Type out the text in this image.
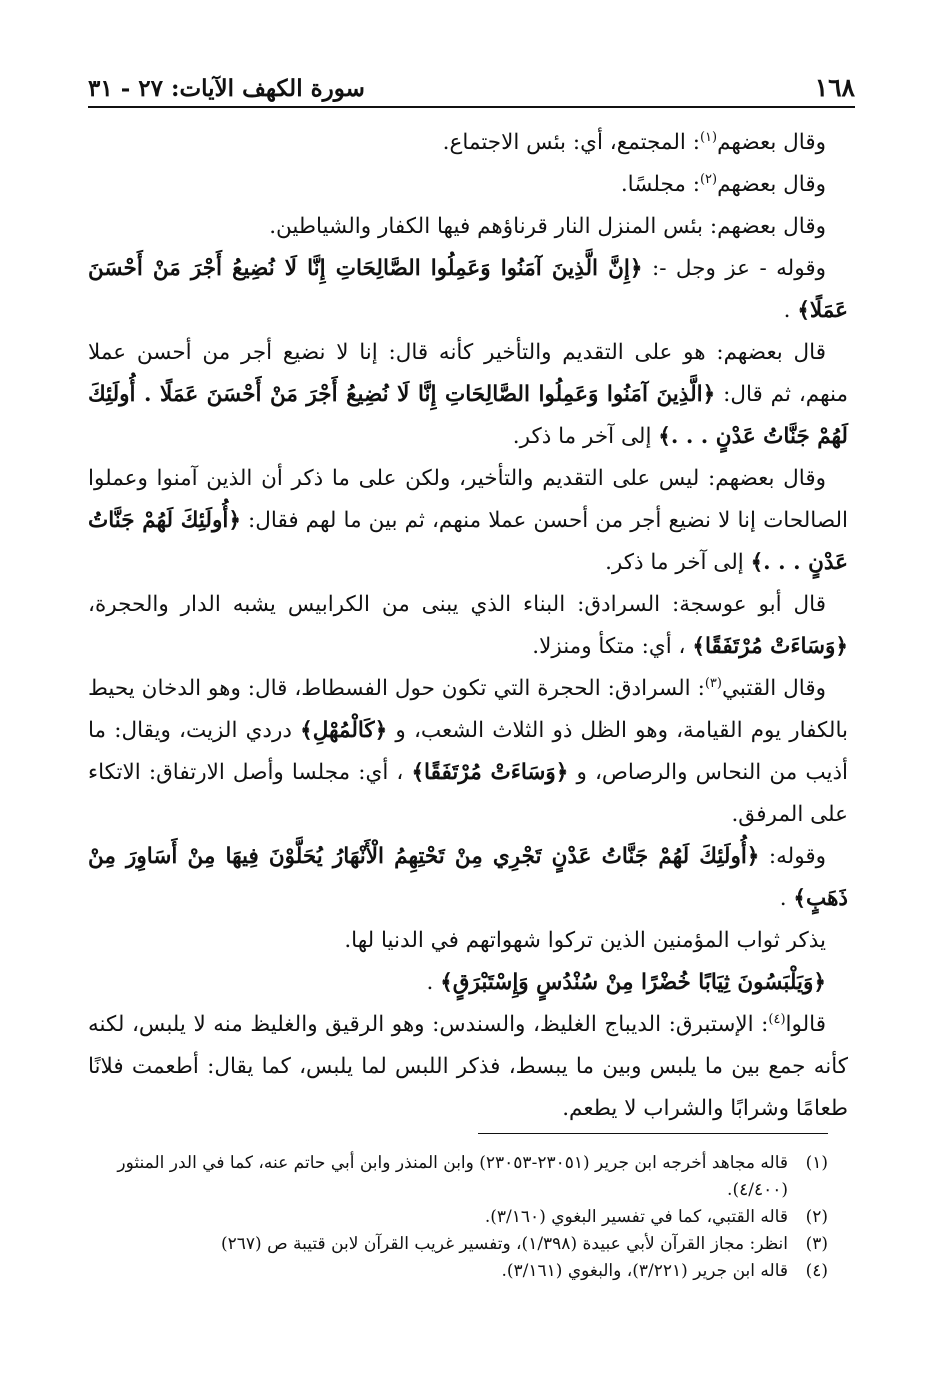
١٦٨
سورة الكهف الآيات: ٢٧ - ٣١

وقال بعضهم$^{(١)}$: المجتمع، أي: بئس الاجتماع.

وقال بعضهم$^{(٢)}$: مجلسًا.

وقال بعضهم: بئس المنزل النار قرناؤهم فيها الكفار والشياطين.

وقوله - عز وجل -: ﴿إِنَّ الَّذِينَ آمَنُوا وَعَمِلُوا الصَّالِحَاتِ إِنَّا لَا نُضِيعُ أَجْرَ مَنْ أَحْسَنَ عَمَلًا﴾ .

قال بعضهم: هو على التقديم والتأخير كأنه قال: إنا لا نضيع أجر من أحسن عملا منهم، ثم قال: ﴿الَّذِينَ آمَنُوا وَعَمِلُوا الصَّالِحَاتِ إِنَّا لَا نُضِيعُ أَجْرَ مَنْ أَحْسَنَ عَمَلًا . أُولَئِكَ لَهُمْ جَنَّاتُ عَدْنٍ . . .﴾ إلى آخر ما ذكر.

وقال بعضهم: ليس على التقديم والتأخير، ولكن على ما ذكر أن الذين آمنوا وعملوا الصالحات إنا لا نضيع أجر من أحسن عملا منهم، ثم بين ما لهم فقال: ﴿أُولَئِكَ لَهُمْ جَنَّاتُ عَدْنٍ . . .﴾ إلى آخر ما ذكر.

قال أبو عوسجة: السرادق: البناء الذي يبنى من الكرابيس يشبه الدار والحجرة، ﴿وَسَاءَتْ مُرْتَفَقًا﴾ ، أي: متكأ ومنزلا.

وقال القتبي$^{(٣)}$: السرادق: الحجرة التي تكون حول الفسطاط، قال: وهو الدخان يحيط بالكفار يوم القيامة، وهو الظل ذو الثلاث الشعب، و ﴿كَالْمُهْلِ﴾ دردي الزيت، ويقال: ما أذيب من النحاس والرصاص، و ﴿وَسَاءَتْ مُرْتَفَقًا﴾ ، أي: مجلسا وأصل الارتفاق: الاتكاء على المرفق.

وقوله: ﴿أُولَئِكَ لَهُمْ جَنَّاتُ عَدْنٍ تَجْرِي مِنْ تَحْتِهِمُ الْأَنْهَارُ يُحَلَّوْنَ فِيهَا مِنْ أَسَاوِرَ مِنْ ذَهَبٍ﴾ .

يذكر ثواب المؤمنين الذين تركوا شهواتهم في الدنيا لها.

﴿وَيَلْبَسُونَ ثِيَابًا خُضْرًا مِنْ سُنْدُسٍ وَإِسْتَبْرَقٍ﴾ .

قالوا$^{(٤)}$: الإستبرق: الديباج الغليظ، والسندس: وهو الرقيق والغليظ منه لا يلبس، لكنه كأنه جمع بين ما يلبس وبين ما يبسط، فذكر اللبس لما يلبس، كما يقال: أطعمت فلانًا طعامًا وشرابًا والشراب لا يطعم.

(١)
قاله مجاهد أخرجه ابن جرير (٢٣٠٥١-٢٣٠٥٣) وابن المنذر وابن أبي حاتم عنه، كما في الدر المنثور (٤/٤٠٠).
(٢)
قاله القتبي، كما في تفسير البغوي (٣/١٦٠).
(٣)
انظر: مجاز القرآن لأبي عبيدة (١/٣٩٨)، وتفسير غريب القرآن لابن قتيبة ص (٢٦٧)
(٤)
قاله ابن جرير (٣/٢٢١)، والبغوي (٣/١٦١).
